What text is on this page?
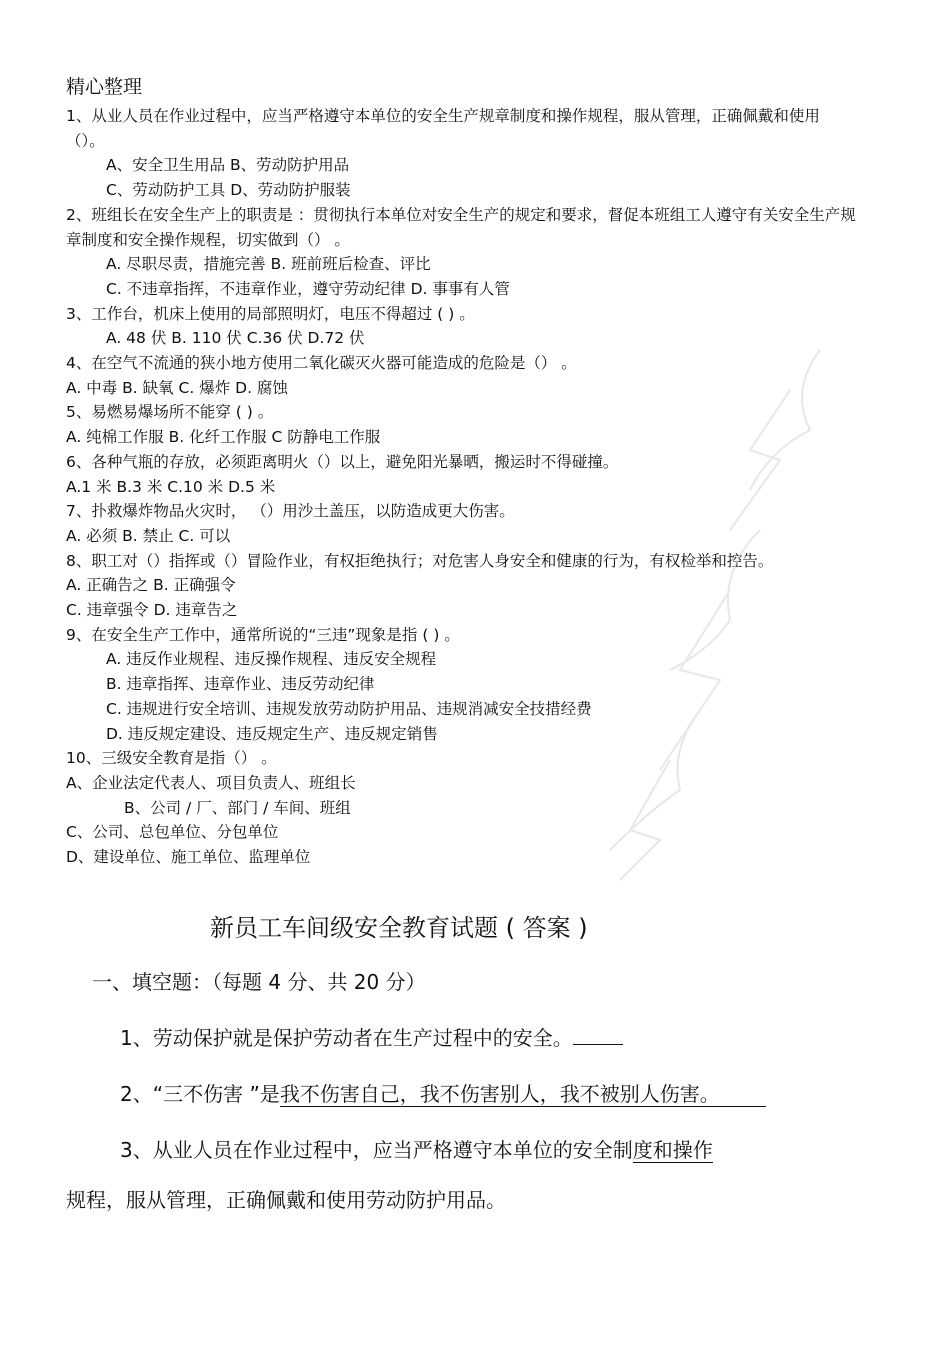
精心整理
1、从业人员在作业过程中，应当严格遵守本单位的安全生产规章制度和操作规程，服从管理，正确佩戴和使用（）。
A、安全卫生用品 B、劳动防护用品
C、劳动防护工具 D、劳动防护服装
2、班组长在安全生产上的职责是 ：贯彻执行本单位对安全生产的规定和要求，督促本班组工人遵守有关安全生产规章制度和安全操作规程，切实做到（） 。
A. 尽职尽责，措施完善 B. 班前班后检查、评比
C. 不违章指挥，不违章作业，遵守劳动纪律 D. 事事有人管
3、工作台，机床上使用的局部照明灯，电压不得超过 ( ) 。
A. 48 伏 B. 110 伏 C.36 伏 D.72 伏
4、在空气不流通的狭小地方使用二氧化碳灭火器可能造成的危险是（） 。
A. 中毒 B. 缺氧 C. 爆炸 D. 腐蚀
5、易燃易爆场所不能穿 ( ) 。
A. 纯棉工作服 B. 化纤工作服 C 防静电工作服
6、各种气瓶的存放，必须距离明火（）以上，避免阳光暴晒，搬运时不得碰撞。
A.1 米 B.3 米 C.10 米 D.5 米
7、扑救爆炸物品火灾时， （）用沙土盖压，以防造成更大伤害。
A. 必须 B. 禁止 C. 可以
8、职工对（）指挥或（）冒险作业，有权拒绝执行；对危害人身安全和健康的行为，有权检举和控告。
A. 正确告之 B. 正确强令
C. 违章强令 D. 违章告之
9、在安全生产工作中，通常所说的“三违”现象是指 ( ) 。
A. 违反作业规程、违反操作规程、违反安全规程
B. 违章指挥、违章作业、违反劳动纪律
C. 违规进行安全培训、违规发放劳动防护用品、违规消减安全技措经费
D. 违反规定建设、违反规定生产、违反规定销售
10、三级安全教育是指（） 。
A、企业法定代表人、项目负责人、班组长
B、公司 / 厂、部门 / 车间、班组
C、公司、总包单位、分包单位
D、建设单位、施工单位、监理单位
新员工车间级安全教育试题 ( 答案 )
一、填空题：（每题 4 分、共 20 分）
1、劳动保护就是保护劳动者在生产过程中的安全。
2、“三不伤害 ”是我不伤害自己，我不伤害别人，我不被别人伤害。
3、从业人员在作业过程中，应当严格遵守本单位的安全制度和操作
规程，服从管理，正确佩戴和使用劳动防护用品。
